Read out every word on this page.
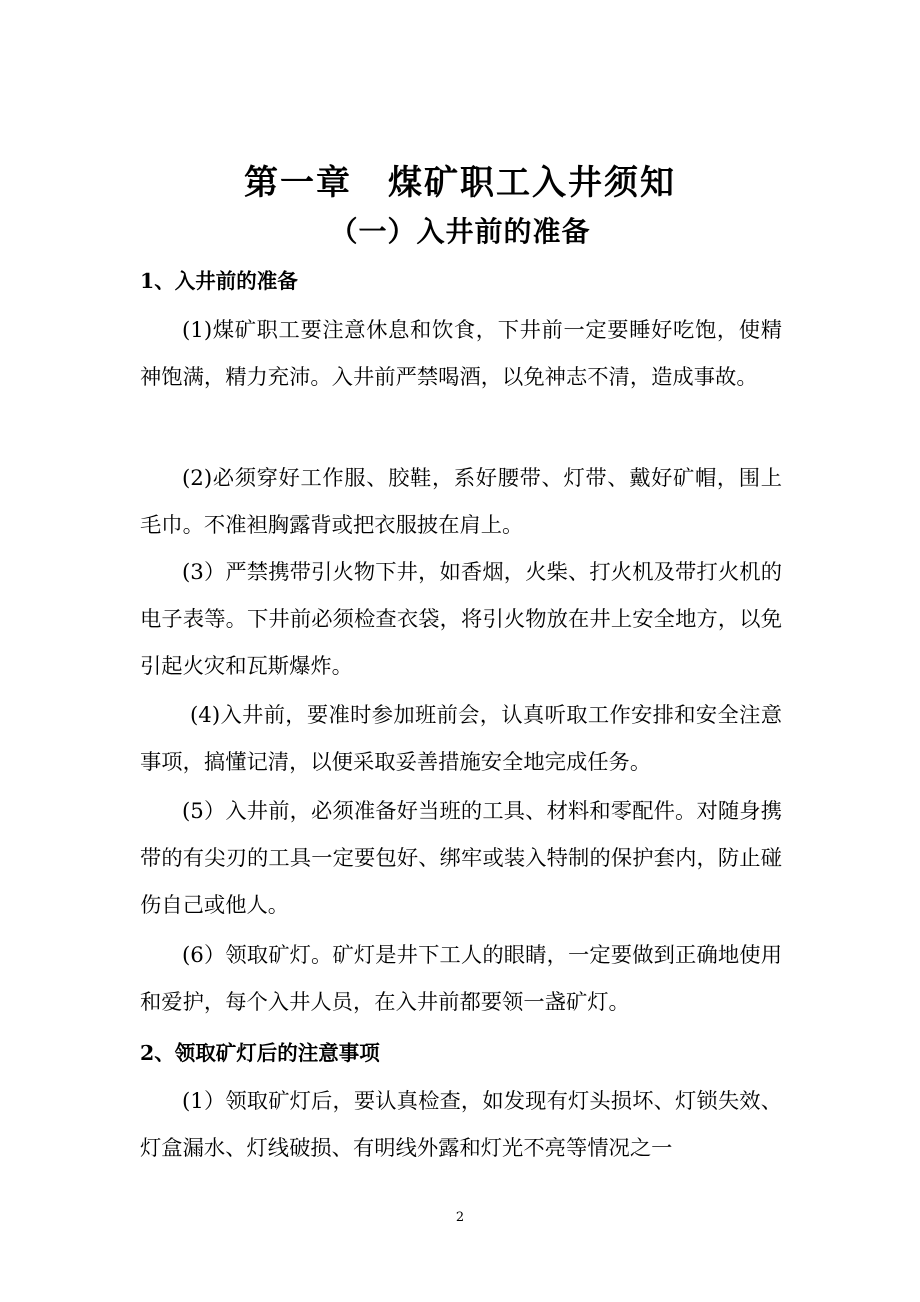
第一章　煤矿职工入井须知
（一）入井前的准备
1、入井前的准备
(1)煤矿职工要注意休息和饮食，下井前一定要睡好吃饱，使精神饱满，精力充沛。入井前严禁喝酒，以免神志不清，造成事故。
(2)必须穿好工作服、胶鞋，系好腰带、灯带、戴好矿帽，围上毛巾。不准袒胸露背或把衣服披在肩上。
(3）严禁携带引火物下井，如香烟，火柴、打火机及带打火机的电子表等。下井前必须检查衣袋，将引火物放在井上安全地方，以免引起火灾和瓦斯爆炸。
(4)入井前，要准时参加班前会，认真听取工作安排和安全注意事项，搞懂记清，以便采取妥善措施安全地完成任务。
(5）入井前，必须准备好当班的工具、材料和零配件。对随身携带的有尖刃的工具一定要包好、绑牢或装入特制的保护套内，防止碰伤自己或他人。
(6）领取矿灯。矿灯是井下工人的眼睛，一定要做到正确地使用和爱护，每个入井人员，在入井前都要领一盏矿灯。
2、领取矿灯后的注意事项
(1）领取矿灯后，要认真检查，如发现有灯头损坏、灯锁失效、灯盒漏水、灯线破损、有明线外露和灯光不亮等情况之一
2
